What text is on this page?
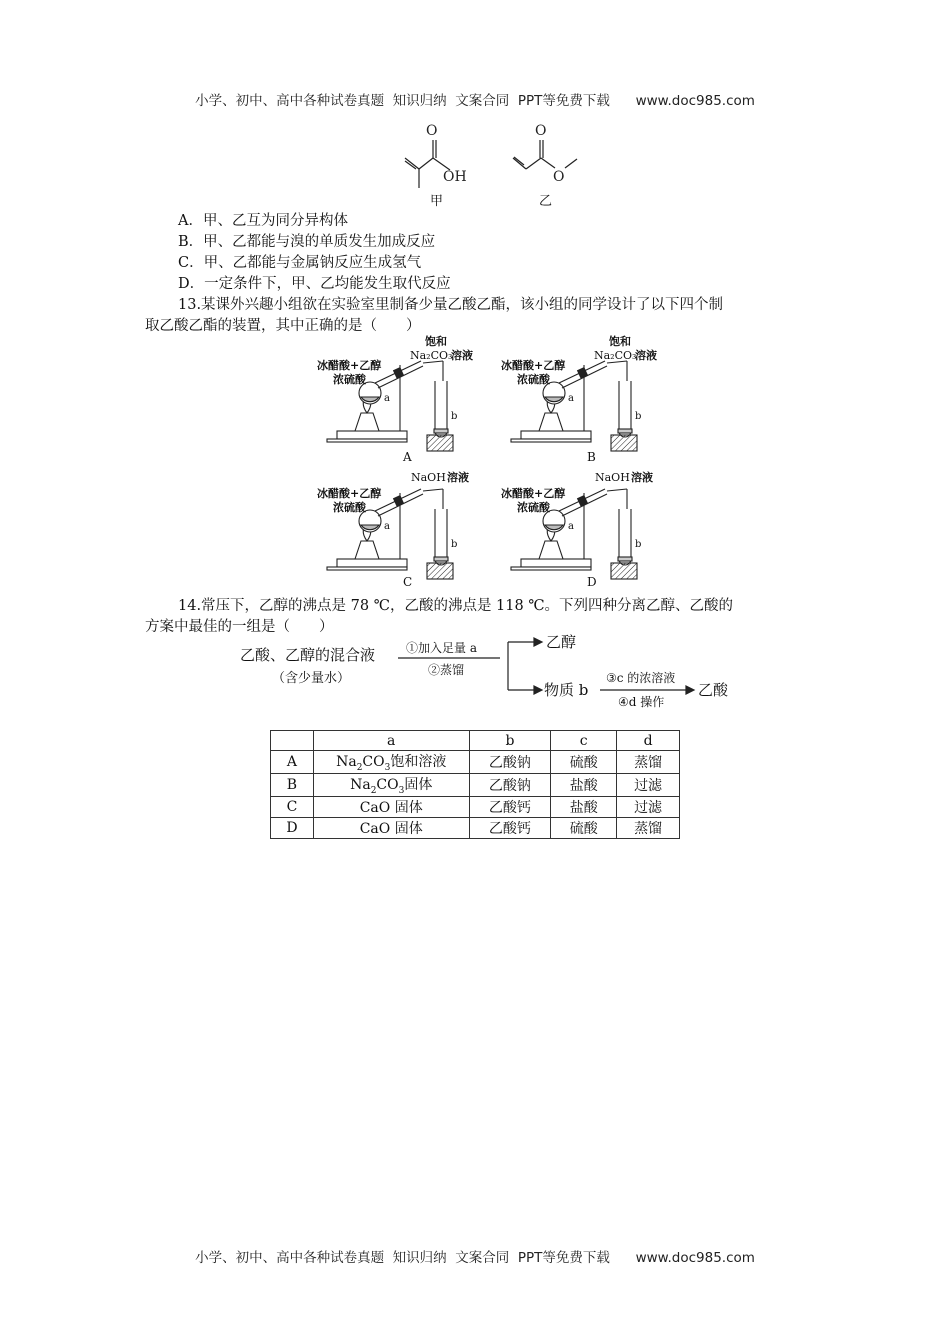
小学、初中、高中各种试卷真题  知识归纳  文案合同  PPT等免费下载      www.doc985.com
O
OH
O
O
甲	乙
A．甲、乙互为同分异构体
B．甲、乙都能与溴的单质发生加成反应
C．甲、乙都能与金属钠反应生成氢气
D．一定条件下，甲、乙均能发生取代反应
13.某课外兴趣小组欲在实验室里制备少量乙酸乙酯，该小组的同学设计了以下四个制
取乙酸乙酯的装置，其中正确的是（　　）
饱和
Na₂CO₃
溶液
冰醋酸+乙醇
浓硫酸
a
b
A
饱和
Na₂CO₃
溶液
冰醋酸+乙醇
浓硫酸
a
b
B
NaOH 溶液
冰醋酸+乙醇
浓硫酸
a
b
C
NaOH 溶液
冰醋酸+乙醇
浓硫酸
a
b
D
14.常压下，乙醇的沸点是 78 ℃，乙酸的沸点是 118 ℃。下列四种分离乙醇、乙酸的
方案中最佳的一组是（　　）
乙酸、乙醇的混合液
（含少量水）
①加入足量 a
②蒸馏
乙醇
物质 b
③c 的浓溶液
④d 操作
乙酸
	a	b	c	d
A	$Na_2CO_3$饱和溶液	乙酸钠	硫酸	蒸馏
B	$Na_2CO_3$固体	乙酸钠	盐酸	过滤
C	CaO 固体	乙酸钙	盐酸	过滤
D	CaO 固体	乙酸钙	硫酸	蒸馏
小学、初中、高中各种试卷真题  知识归纳  文案合同  PPT等免费下载      www.doc985.com
